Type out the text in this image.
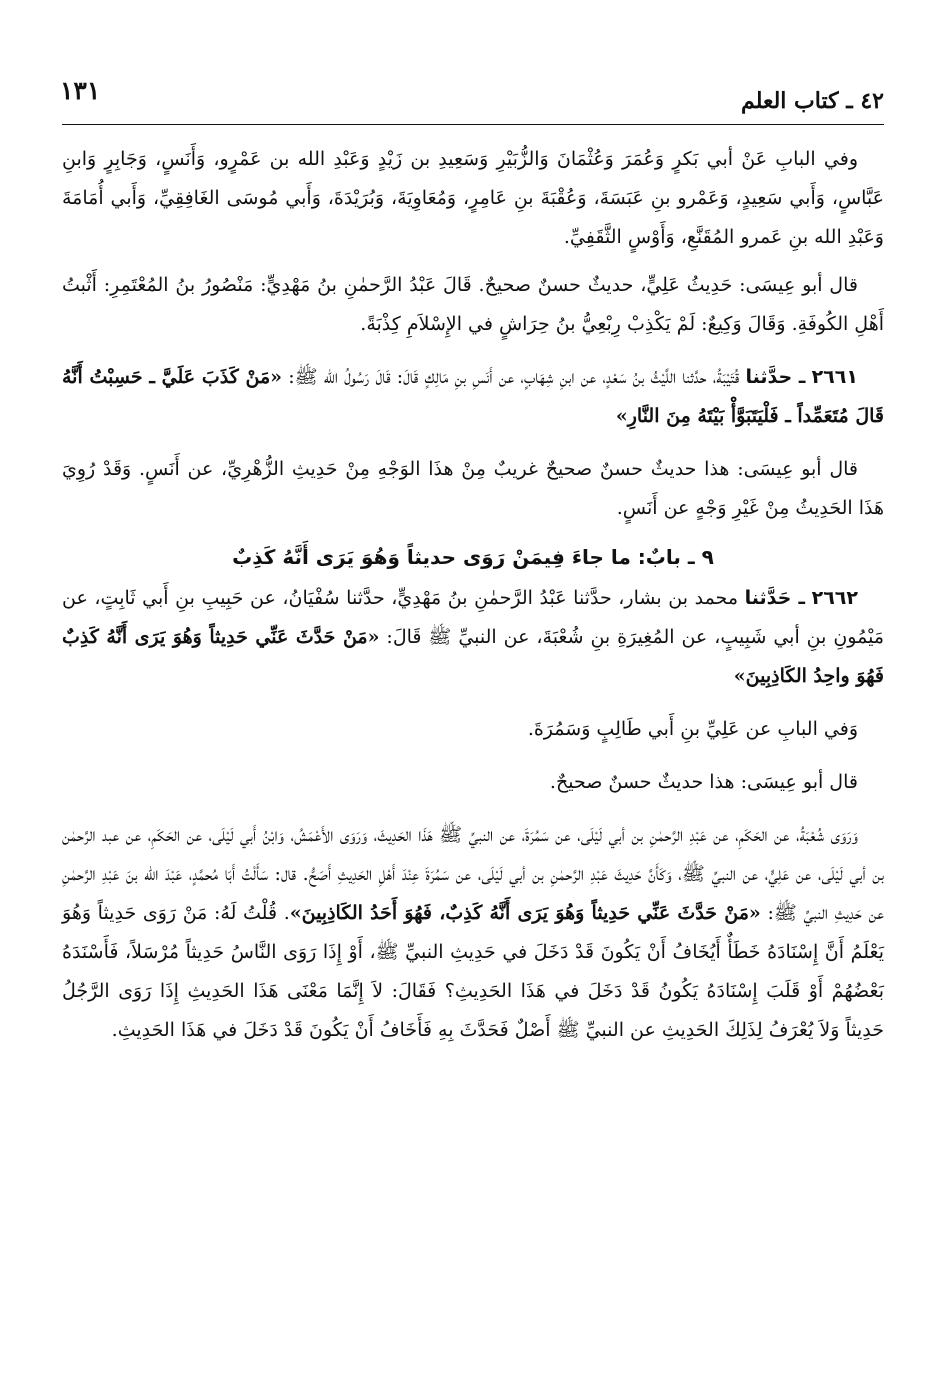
٤٢ ـ كتاب العلم
١٣١

وفي البابِ عَنْ أبي بَكرٍ وَعُمَرَ وَعُثْمَانَ وَالزُّبَيْرِ وَسَعِيدِ بن زَيْدٍ وَعَبْدِ الله بن عَمْرٍو، وَأَنَسٍ، وَجَابِرٍ وَابنِ عَبَّاسٍ، وَأَبي سَعِيدٍ، وَعَمْرو بنِ عَبَسَةَ، وَعُقْبَةَ بنِ عَامِرٍ، وَمُعَاوِيَةَ، وَبُرَيْدَةَ، وَأَبي مُوسَى الغَافِقِيِّ، وَأَبي أُمَامَةَ وَعَبْدِ الله بنِ عَمرو المُقَنَّعِ، وَأَوْسٍ الثَّقَفِيِّ.

قال أبو عِيسَى: حَدِيثُ عَلِيٍّ، حديثٌ حسنٌ صحيحٌ. قَالَ عَبْدُ الرَّحمٰنِ بنُ مَهْدِيٍّ: مَنْصُورُ بنُ المُعْتَمِرِ: أَثْبتُ أَهْلِ الكُوفَةِ. وَقَالَ وَكِيعٌ: لَمْ يَكْذِبْ رِبْعِيُّ بنُ حِرَاشٍ في الإِسْلاَمِ كِذْبَةً.

٢٦٦١ ـ حدَّثنا قُتَيْبَةُ، حدَّثنا اللَّيْثُ بنُ سَعْدٍ، عن ابنِ شِهَابٍ، عن أَنَسِ بنِ مَالِكٍ قَالَ: قَالَ رَسُولُ الله ﷺ: «مَنْ كَذَبَ عَلَيَّ ـ حَسِبْتُ أَنَّهُ قَالَ مُتَعَمِّداً ـ فَلْيَتَبَوَّأْ بَيْتَهُ مِنَ النَّارِ»

قال أبو عِيسَى: هذا حديثٌ حسنٌ صحيحٌ غريبٌ مِنْ هذَا الوَجْهِ مِنْ حَدِيثِ الزُّهْرِيِّ، عن أَنَسٍ. وَقَدْ رُوِيَ هَذَا الحَدِيثُ مِنْ غَيْرِ وَجْهٍ عن أَنَسٍ.

٩ ـ بابٌ: ما جاءَ فِيمَنْ رَوَى حديثاً وَهُوَ يَرَى أَنَّهُ كَذِبٌ

٢٦٦٢ ـ حَدَّثنا محمد بن بشار، حدَّثنا عَبْدُ الرَّحمٰنِ بنُ مَهْدِيٍّ، حدَّثنا سُفْيَانُ، عن حَبِيبِ بنِ أَبي ثَابِتٍ، عن مَيْمُونِ بنِ أبي شَبِيبٍ، عن المُغِيرَةِ بنِ شُعْبَةَ، عن النبيِّ ﷺ قَالَ: «مَنْ حَدَّثَ عَنِّي حَدِيثاً وَهُوَ يَرَى أَنَّهُ كَذِبٌ فَهُوَ واحِدُ الكَاذِبِينَ»

وَفي البابِ عن عَلِيِّ بنِ أَبي طَالِبٍ وَسَمُرَةَ.

قال أبو عِيسَى: هذا حديثٌ حسنٌ صحيحٌ.

وَرَوَى شُعْبَةُ، عن الحَكَمِ، عن عَبْدِ الرَّحمٰنِ بن أبي لَيْلَى، عن سَمُرَةَ، عن النبيِّ ﷺ هَذَا الحَدِيثَ، وَرَوَى الأَعْمَشُ، وَابْنُ أَبي لَيْلَى، عن الحَكَمِ، عن عبد الرَّحمٰن بن أبي لَيْلَى، عن عَلِيٍّ، عن النبيِّ ﷺ، وَكَأَنَّ حَدِيثَ عَبْدِ الرَّحمٰنِ بن أبي لَيْلَى، عن سَمُرَةَ عِنْدَ أَهْلِ الحَدِيثِ أَصَحُّ. قال: سَأَلْتُ أَبَا مُحمَّدٍ، عَبْدَ الله بنَ عَبْدِ الرَّحمٰنِ عن حَدِيثِ النبيِّ ﷺ: «مَنْ حَدَّثَ عَنِّي حَدِيثاً وَهُوَ يَرَى أَنَّهُ كَذِبٌ، فَهُوَ أَحَدُ الكَاذِبِينَ». قُلْتُ لَهُ: مَنْ رَوَى حَدِيثاً وَهُوَ يَعْلَمُ أَنَّ إِسْنَادَهُ خَطَأٌ أَيُخَافُ أَنْ يَكُونَ قَدْ دَخَلَ في حَدِيثِ النبيِّ ﷺ، أَوْ إِذَا رَوَى النَّاسُ حَدِيثاً مُرْسَلاً، فَأَسْنَدَهُ بَعْضُهُمْ أَوْ قَلَبَ إِسْنَادَهُ يَكُونُ قَدْ دَخَلَ في هَذَا الحَدِيثِ؟ فَقَالَ: لاَ إِنَّمَا مَعْنَى هَذَا الحَدِيثِ إِذَا رَوَى الرَّجُلُ حَدِيثاً وَلاَ يُعْرَفُ لِذَلِكَ الحَدِيثِ عن النبيِّ ﷺ أَصْلٌ فَحَدَّثَ بِهِ فَأَخَافُ أَنْ يَكُونَ قَدْ دَخَلَ في هَذَا الحَدِيثِ.
